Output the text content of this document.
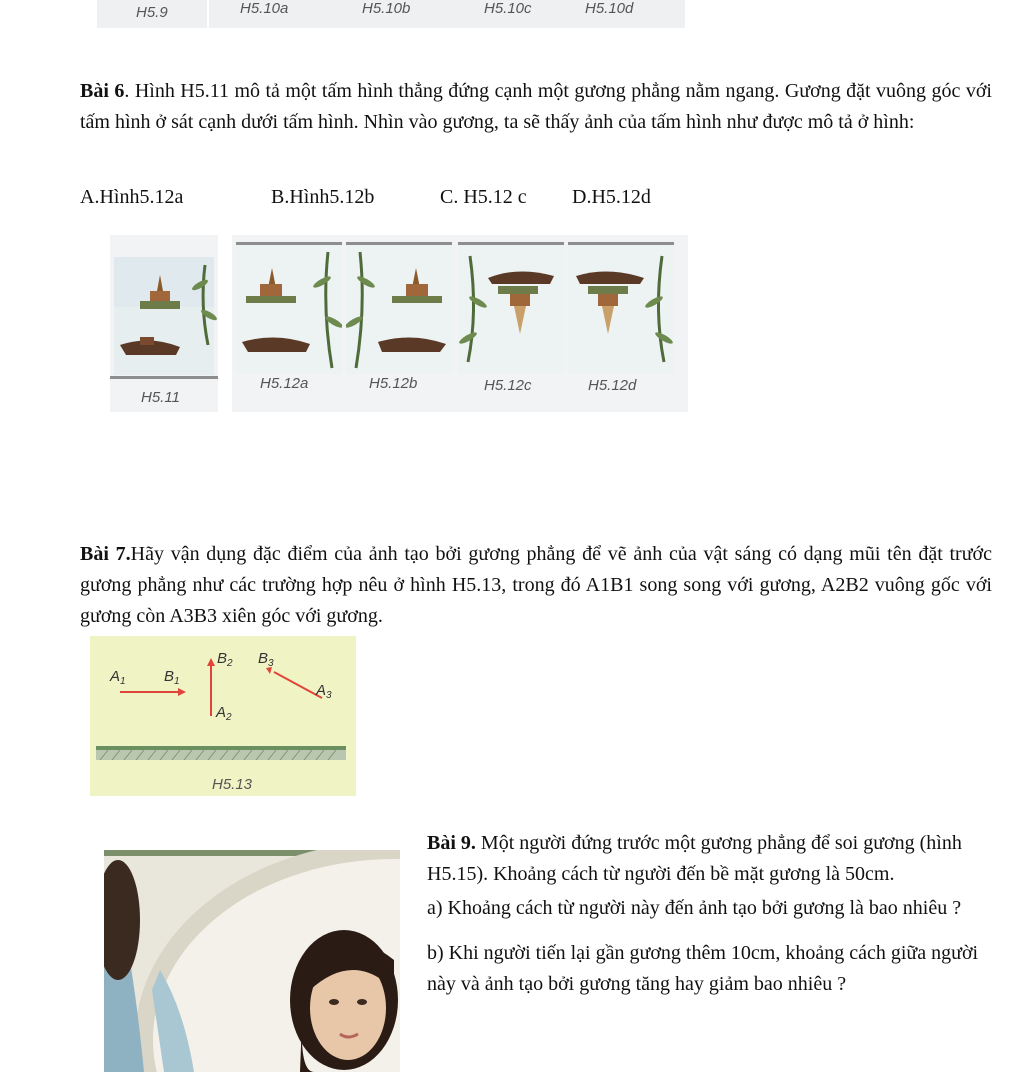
H5.9	H5.10a	H5.10b	H5.10c	H5.10d
Bài 6. Hình H5.11 mô tả một tấm hình thẳng đứng cạnh một gương phẳng nằm ngang. Gương đặt vuông góc với tấm hình ở sát cạnh dưới tấm hình. Nhìn vào gương, ta sẽ thấy ảnh của tấm hình như được mô tả ở hình:
A.Hình5.12a	B.Hình5.12b	C. H5.12 c D.H5.12d
H5.11
H5.12a	H5.12b	H5.12c	H5.12d
Bài 7.Hãy vận dụng đặc điểm của ảnh tạo bởi gương phẳng để vẽ ảnh của vật sáng có dạng mũi tên đặt trước gương phẳng như các trường hợp nêu ở hình H5.13, trong đó A1B1 song song với gương, A2B2 vuông gốc với gương còn A3B3 xiên góc với gương.
$A_1$	$B_1$
$B_2$ $B_3$
$A_2$
$A_3$
H5.13
Bài 9. Một người đứng trước một gương phẳng để soi gương (hình H5.15). Khoảng cách từ người đến bề mặt gương là 50cm.
a) Khoảng cách từ người này đến ảnh tạo bởi gương là bao nhiêu ?
b) Khi người tiến lại gần gương thêm 10cm, khoảng cách giữa người này và ảnh tạo bởi gương tăng hay giảm bao nhiêu ?
